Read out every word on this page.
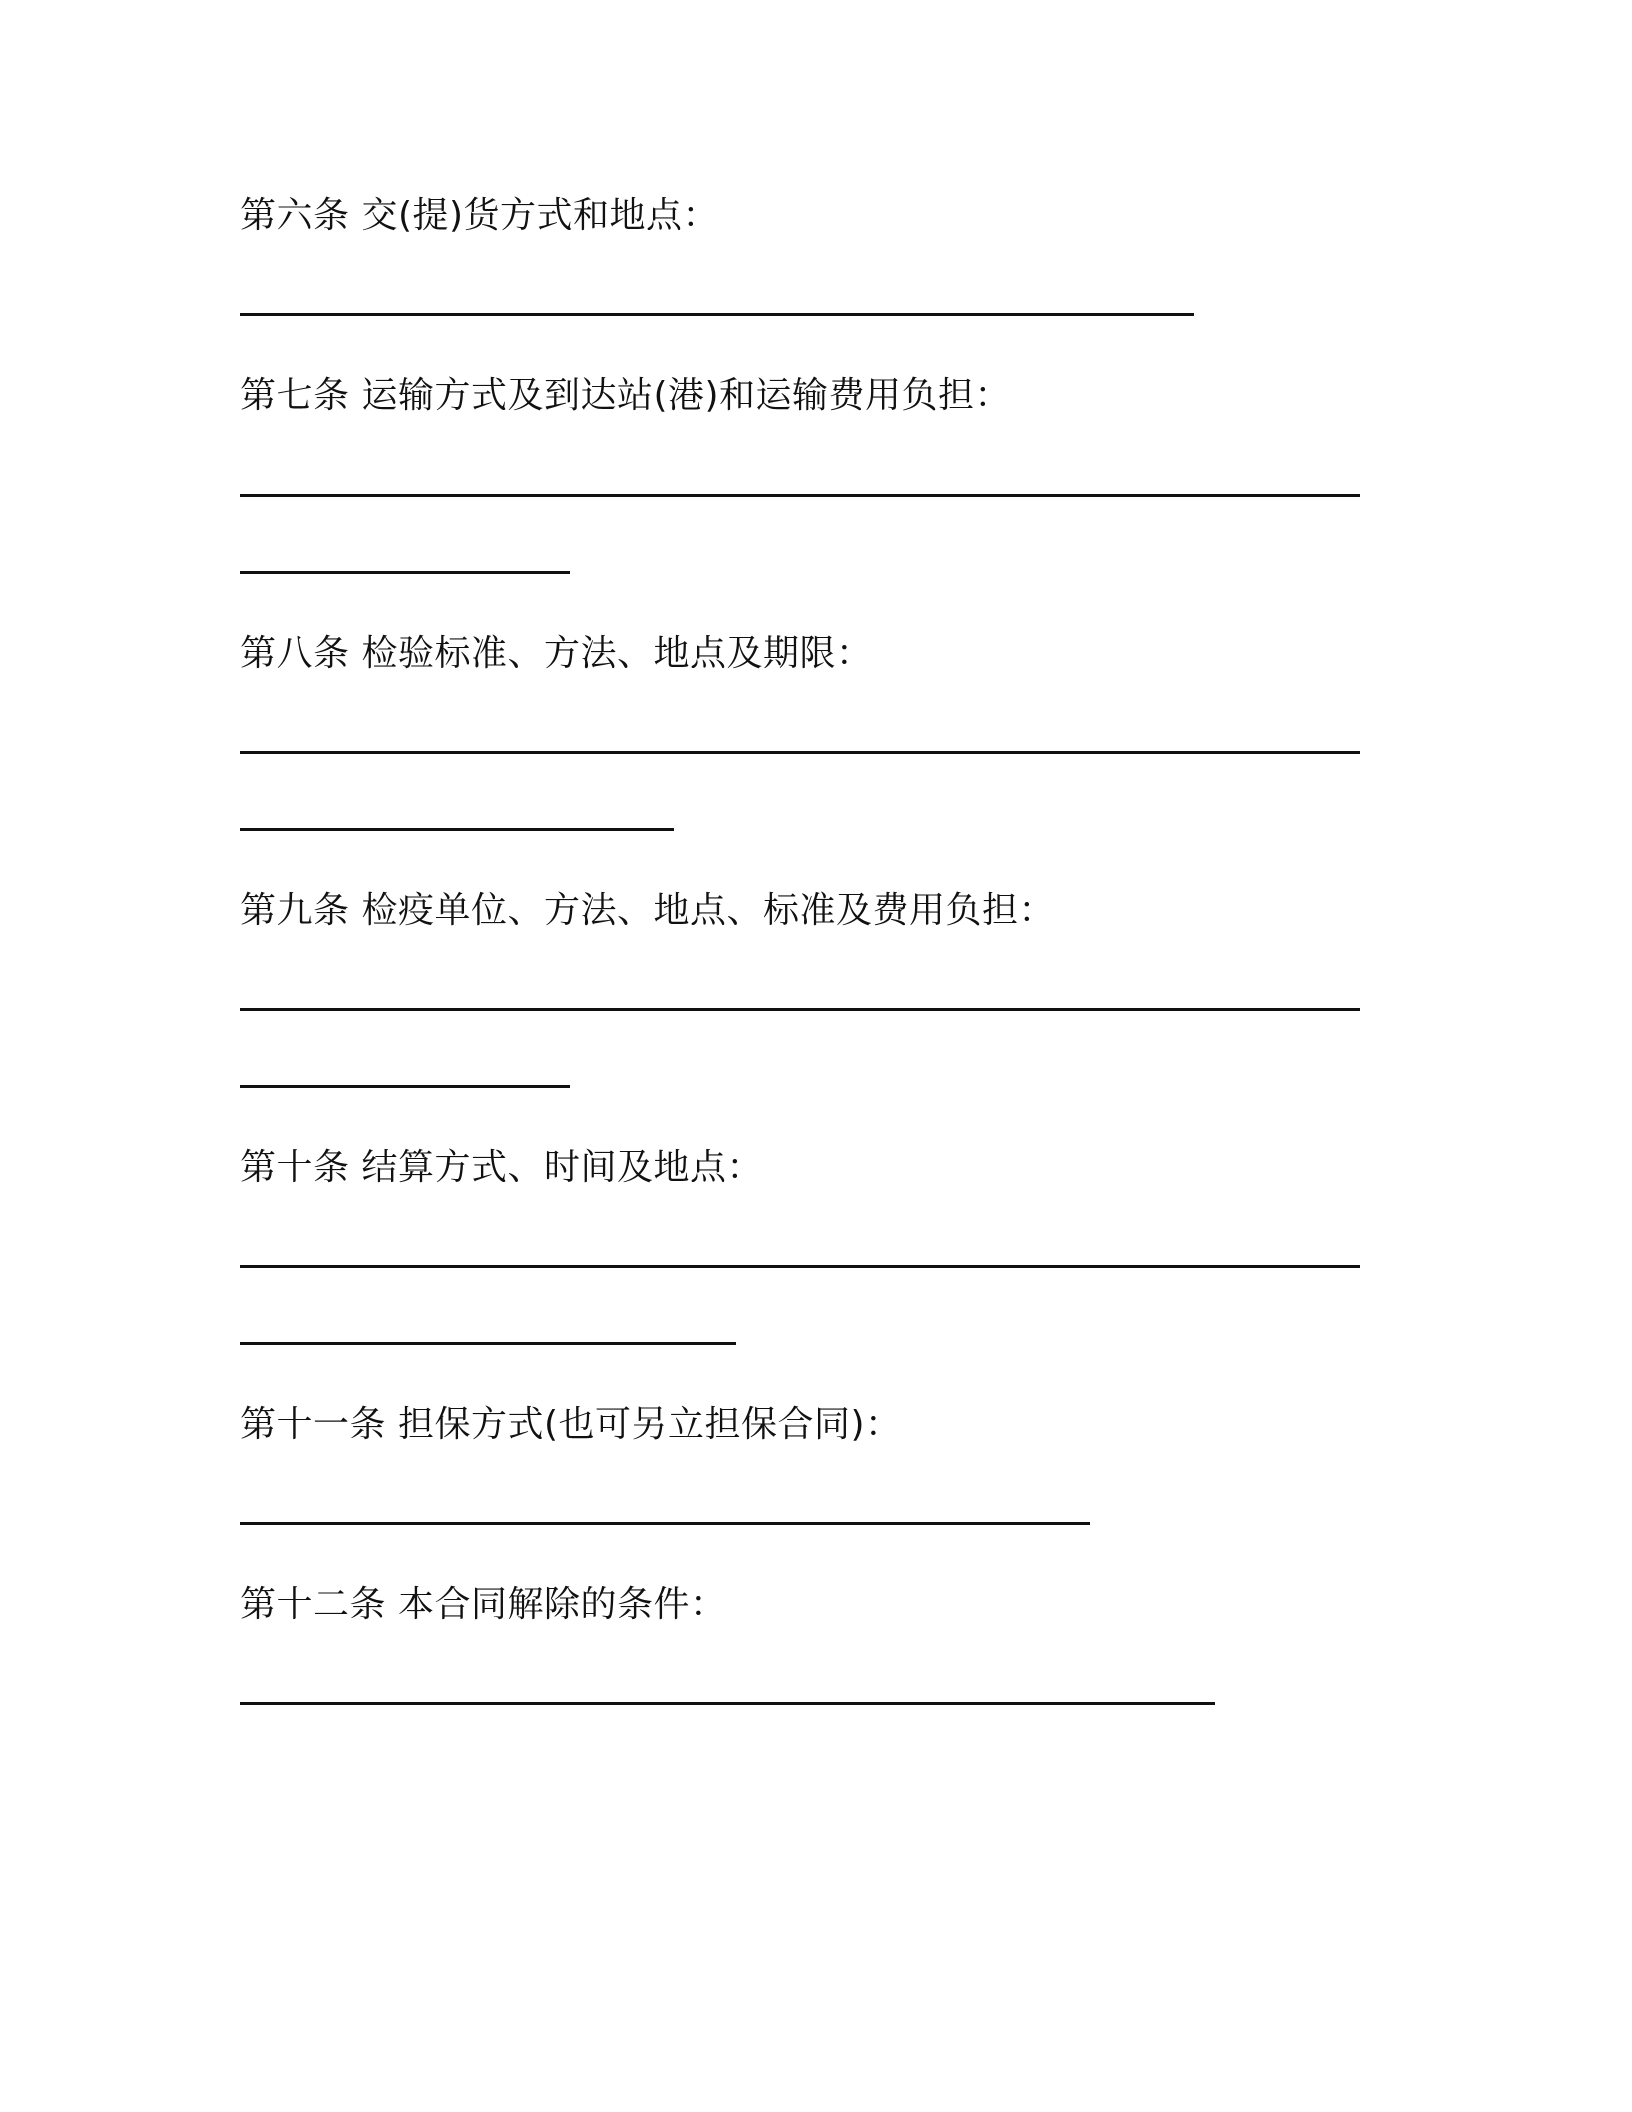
第六条 交(提)货方式和地点：
第七条 运输方式及到达站(港)和运输费用负担：
第八条 检验标准、方法、地点及期限：
第九条 检疫单位、方法、地点、标准及费用负担：
第十条 结算方式、时间及地点：
第十一条 担保方式(也可另立担保合同)：
第十二条 本合同解除的条件：
